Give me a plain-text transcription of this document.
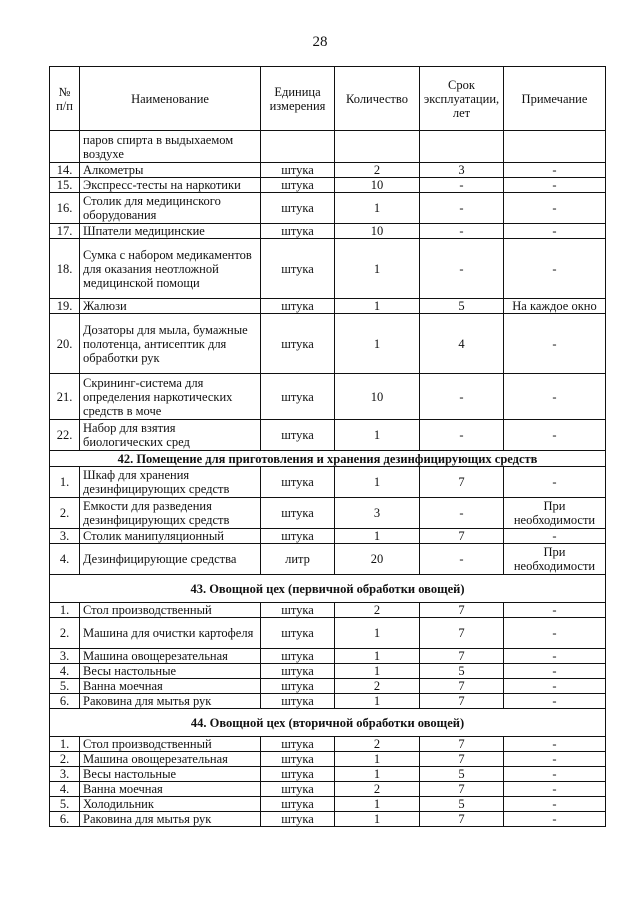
28
№ п/п	Наименование	Единица измерения	Количество	Срок эксплуатации, лет	Примечание
	паров спирта в выдыхаемом воздухе				
14.	Алкометры	штука	2	3	-
15.	Экспресс-тесты на наркотики	штука	10	-	-
16.	Столик для медицинского оборудования	штука	1	-	-
17.	Шпатели медицинские	штука	10	-	-
18.	Сумка с набором медикаментов для оказания неотложной медицинской помощи	штука	1	-	-
19.	Жалюзи	штука	1	5	На каждое окно
20.	Дозаторы для мыла, бумажные полотенца, антисептик для обработки рук	штука	1	4	-
21.	Скрининг-система для определения наркотических средств в моче	штука	10	-	-
22.	Набор для взятия биологических сред	штука	1	-	-
42. Помещение для приготовления и хранения дезинфицирующих средств					
1.	Шкаф для хранения дезинфицирующих средств	штука	1	7	-
2.	Емкости для разведения дезинфицирующих средств	штука	3	-	При необходимости
3.	Столик манипуляционный	штука	1	7	-
4.	Дезинфицирующие средства	литр	20	-	При необходимости
43. Овощной цех (первичной обработки овощей)					
1.	Стол производственный	штука	2	7	-
2.	Машина для очистки картофеля	штука	1	7	-
3.	Машина овощерезательная	штука	1	7	-
4.	Весы настольные	штука	1	5	-
5.	Ванна моечная	штука	2	7	-
6.	Раковина для мытья рук	штука	1	7	-
44. Овощной цех (вторичной обработки овощей)					
1.	Стол производственный	штука	2	7	-
2.	Машина овощерезательная	штука	1	7	-
3.	Весы настольные	штука	1	5	-
4.	Ванна моечная	штука	2	7	-
5.	Холодильник	штука	1	5	-
6.	Раковина для мытья рук	штука	1	7	-
